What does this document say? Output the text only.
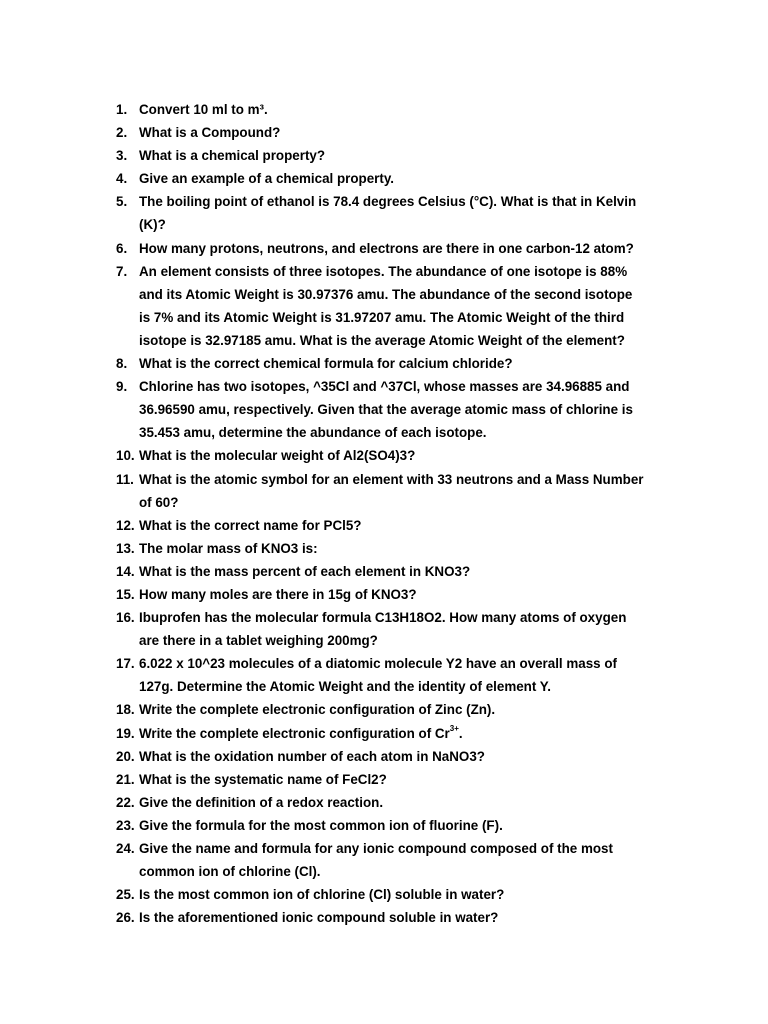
1. Convert 10 ml to m³.
2. What is a Compound?
3. What is a chemical property?
4. Give an example of a chemical property.
5. The boiling point of ethanol is 78.4 degrees Celsius (°C). What is that in Kelvin
(K)?
6. How many protons, neutrons, and electrons are there in one carbon-12 atom?
7. An element consists of three isotopes. The abundance of one isotope is 88%
and its Atomic Weight is 30.97376 amu. The abundance of the second isotope
is 7% and its Atomic Weight is 31.97207 amu. The Atomic Weight of the third
isotope is 32.97185 amu. What is the average Atomic Weight of the element?
8. What is the correct chemical formula for calcium chloride?
9. Chlorine has two isotopes, ^35Cl and ^37Cl, whose masses are 34.96885 and
36.96590 amu, respectively. Given that the average atomic mass of chlorine is
35.453 amu, determine the abundance of each isotope.
10. What is the molecular weight of Al2(SO4)3?
11. What is the atomic symbol for an element with 33 neutrons and a Mass Number
of 60?
12. What is the correct name for PCl5?
13. The molar mass of KNO3 is:
14. What is the mass percent of each element in KNO3?
15. How many moles are there in 15g of KNO3?
16. Ibuprofen has the molecular formula C13H18O2. How many atoms of oxygen
are there in a tablet weighing 200mg?
17. 6.022 x 10^23 molecules of a diatomic molecule Y2 have an overall mass of
127g. Determine the Atomic Weight and the identity of element Y.
18. Write the complete electronic configuration of Zinc (Zn).
19. Write the complete electronic configuration of $Cr^{3+}$.
20. What is the oxidation number of each atom in NaNO3?
21. What is the systematic name of FeCl2?
22. Give the definition of a redox reaction.
23. Give the formula for the most common ion of fluorine (F).
24. Give the name and formula for any ionic compound composed of the most
common ion of chlorine (Cl).
25. Is the most common ion of chlorine (Cl) soluble in water?
26. Is the aforementioned ionic compound soluble in water?
